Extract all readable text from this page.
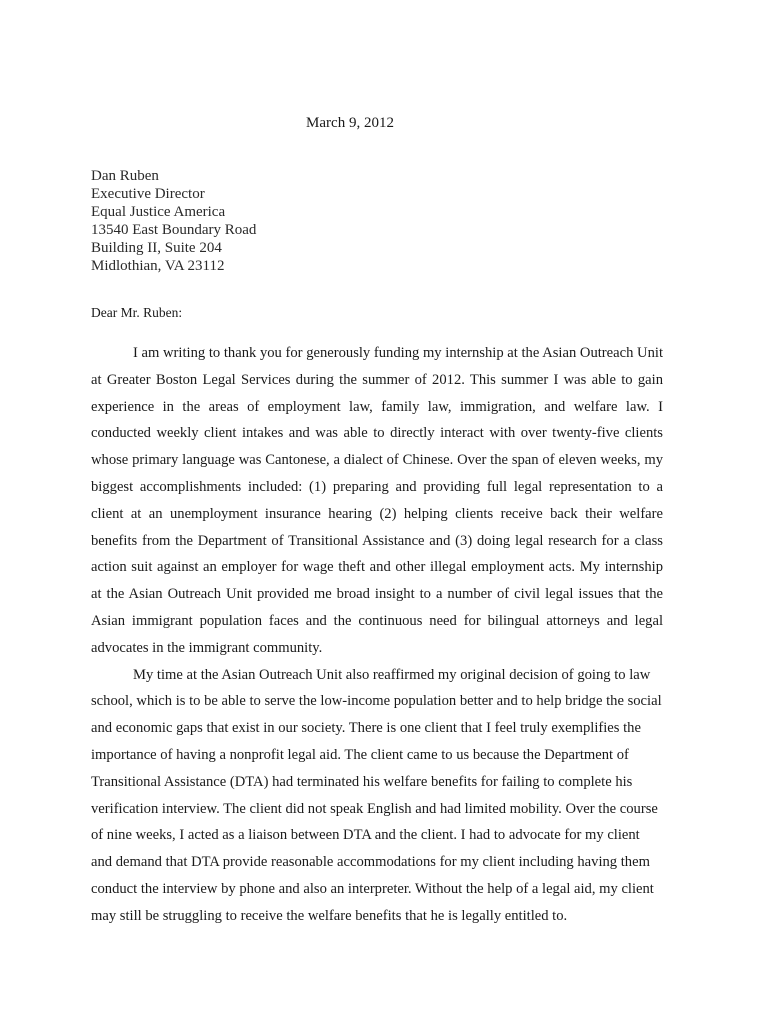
March 9, 2012
Dan Ruben
Executive Director
Equal Justice America
13540 East Boundary Road
Building II, Suite 204
Midlothian, VA 23112
Dear Mr. Ruben:

I am writing to thank you for generously funding my internship at the Asian Outreach Unit at Greater Boston Legal Services during the summer of 2012. This summer I was able to gain experience in the areas of employment law, family law, immigration, and welfare law. I conducted weekly client intakes and was able to directly interact with over twenty-five clients whose primary language was Cantonese, a dialect of Chinese. Over the span of eleven weeks, my biggest accomplishments included: (1) preparing and providing full legal representation to a client at an unemployment insurance hearing (2) helping clients receive back their welfare benefits from the Department of Transitional Assistance and (3) doing legal research for a class action suit against an employer for wage theft and other illegal employment acts. My internship at the Asian Outreach Unit provided me broad insight to a number of civil legal issues that the Asian immigrant population faces and the continuous need for bilingual attorneys and legal advocates in the immigrant community.

My time at the Asian Outreach Unit also reaffirmed my original decision of going to law school, which is to be able to serve the low-income population better and to help bridge the social and economic gaps that exist in our society. There is one client that I feel truly exemplifies the importance of having a nonprofit legal aid. The client came to us because the Department of Transitional Assistance (DTA) had terminated his welfare benefits for failing to complete his verification interview. The client did not speak English and had limited mobility. Over the course of nine weeks, I acted as a liaison between DTA and the client. I had to advocate for my client and demand that DTA provide reasonable accommodations for my client including having them conduct the interview by phone and also an interpreter. Without the help of a legal aid, my client may still be struggling to receive the welfare benefits that he is legally entitled to.
